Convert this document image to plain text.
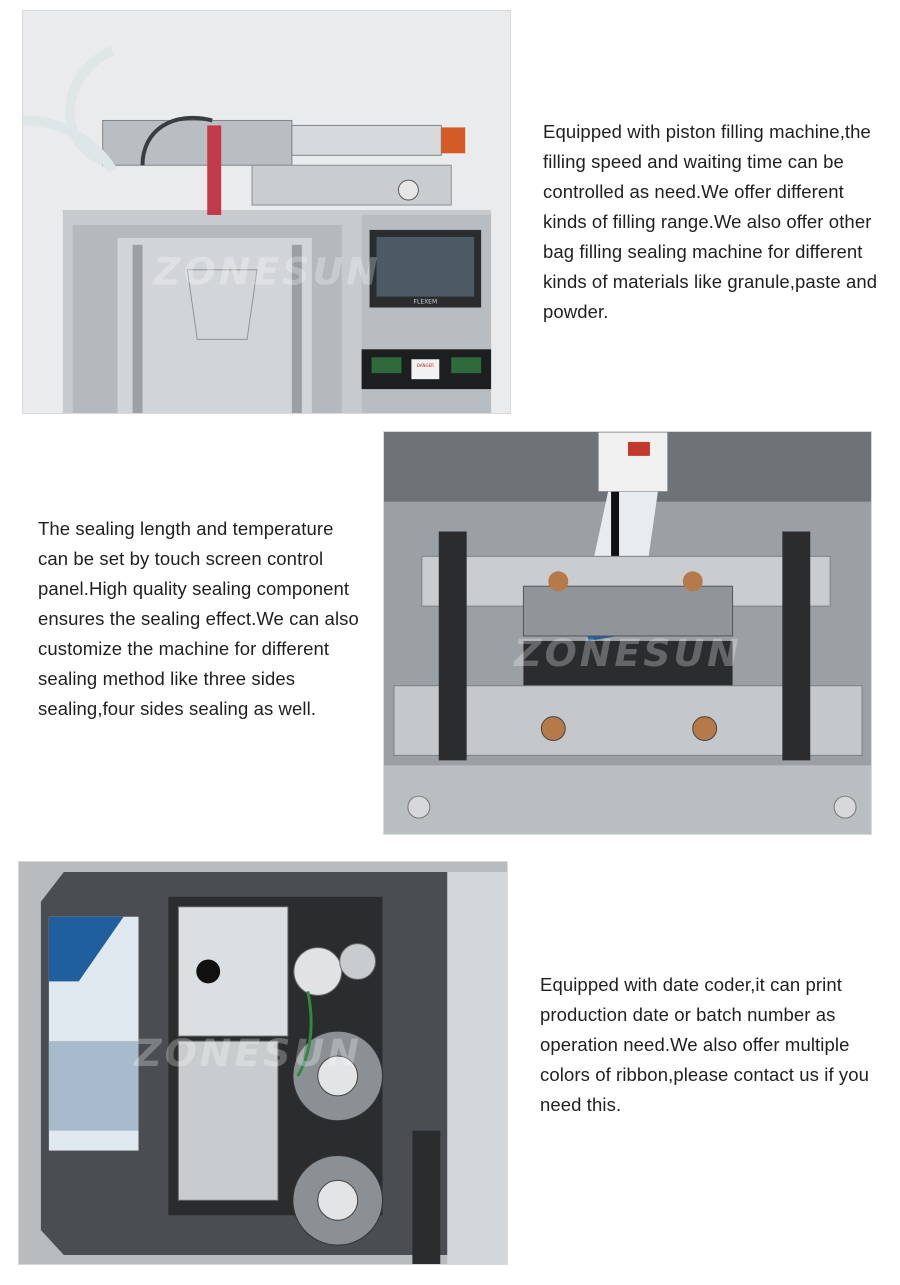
FLEXEM
DANGER
ZONESUN

Equipped with piston filling machine,the filling speed and waiting time can be controlled as need.We offer different kinds of filling range.We also offer other bag filling sealing machine for different kinds of materials like granule,paste and powder.

ZONESUN

The sealing length and temperature can be set by touch screen control panel.High quality sealing component ensures the sealing effect.We can also customize the machine for different sealing method like three sides sealing,four sides sealing as well.

ZONESUN

Equipped with date coder,it can print production date or batch number as operation need.We also offer multiple colors of ribbon,please contact us if you need this.
